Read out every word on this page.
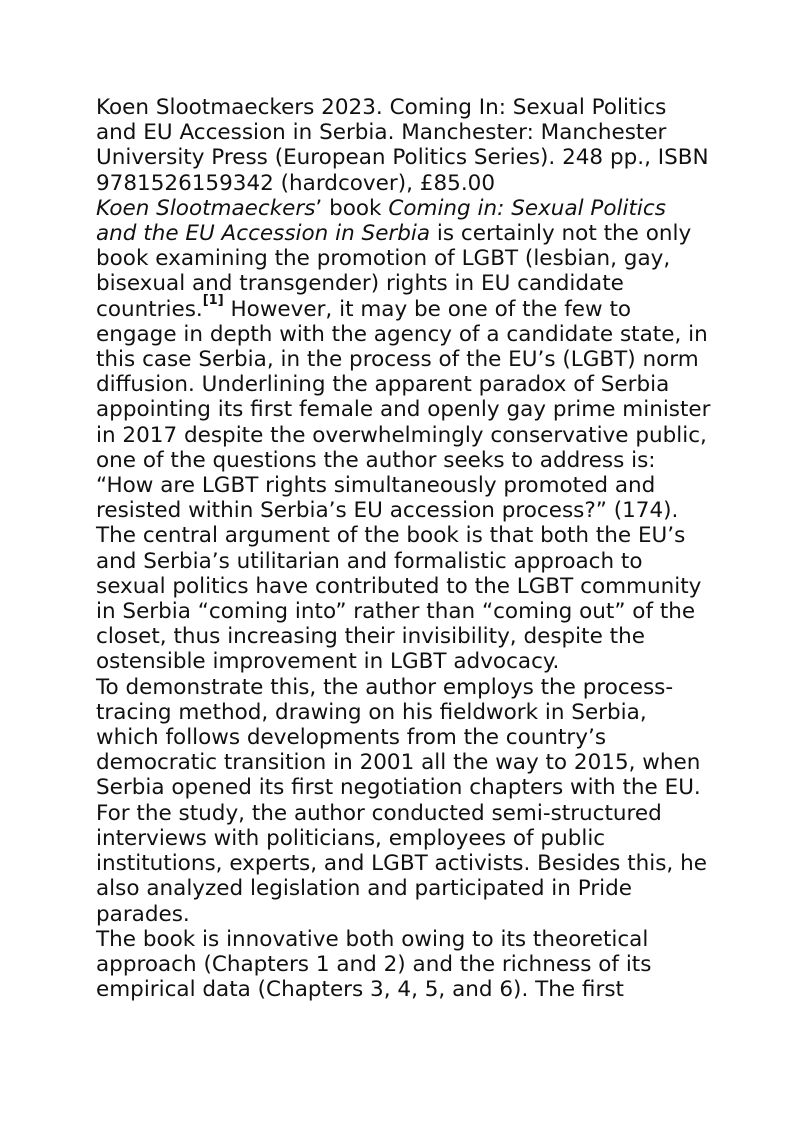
Koen Slootmaeckers 2023. Coming In: Sexual Politics and EU Accession in Serbia. Manchester: Manchester University Press (European Politics Series). 248 pp., ISBN 9781526159342 (hardcover), £85.00

Koen Slootmaeckers’ book Coming in: Sexual Politics and the EU Accession in Serbia is certainly not the only book examining the promotion of LGBT (lesbian, gay, bisexual and transgender) rights in EU candidate countries.[1] However, it may be one of the few to engage in depth with the agency of a candidate state, in this case Serbia, in the process of the EU’s (LGBT) norm diffusion. Underlining the apparent paradox of Serbia appointing its first female and openly gay prime minister in 2017 despite the overwhelmingly conservative public, one of the questions the author seeks to address is: “How are LGBT rights simultaneously promoted and resisted within Serbia’s EU accession process?” (174). The central argument of the book is that both the EU’s and Serbia’s utilitarian and formalistic approach to sexual politics have contributed to the LGBT community in Serbia “coming into” rather than “coming out” of the closet, thus increasing their invisibility, despite the ostensible improvement in LGBT advocacy.

To demonstrate this, the author employs the process-tracing method, drawing on his fieldwork in Serbia, which follows developments from the country’s democratic transition in 2001 all the way to 2015, when Serbia opened its first negotiation chapters with the EU. For the study, the author conducted semi-structured interviews with politicians, employees of public institutions, experts, and LGBT activists. Besides this, he also analyzed legislation and participated in Pride parades.

The book is innovative both owing to its theoretical approach (Chapters 1 and 2) and the richness of its empirical data (Chapters 3, 4, 5, and 6). The first
